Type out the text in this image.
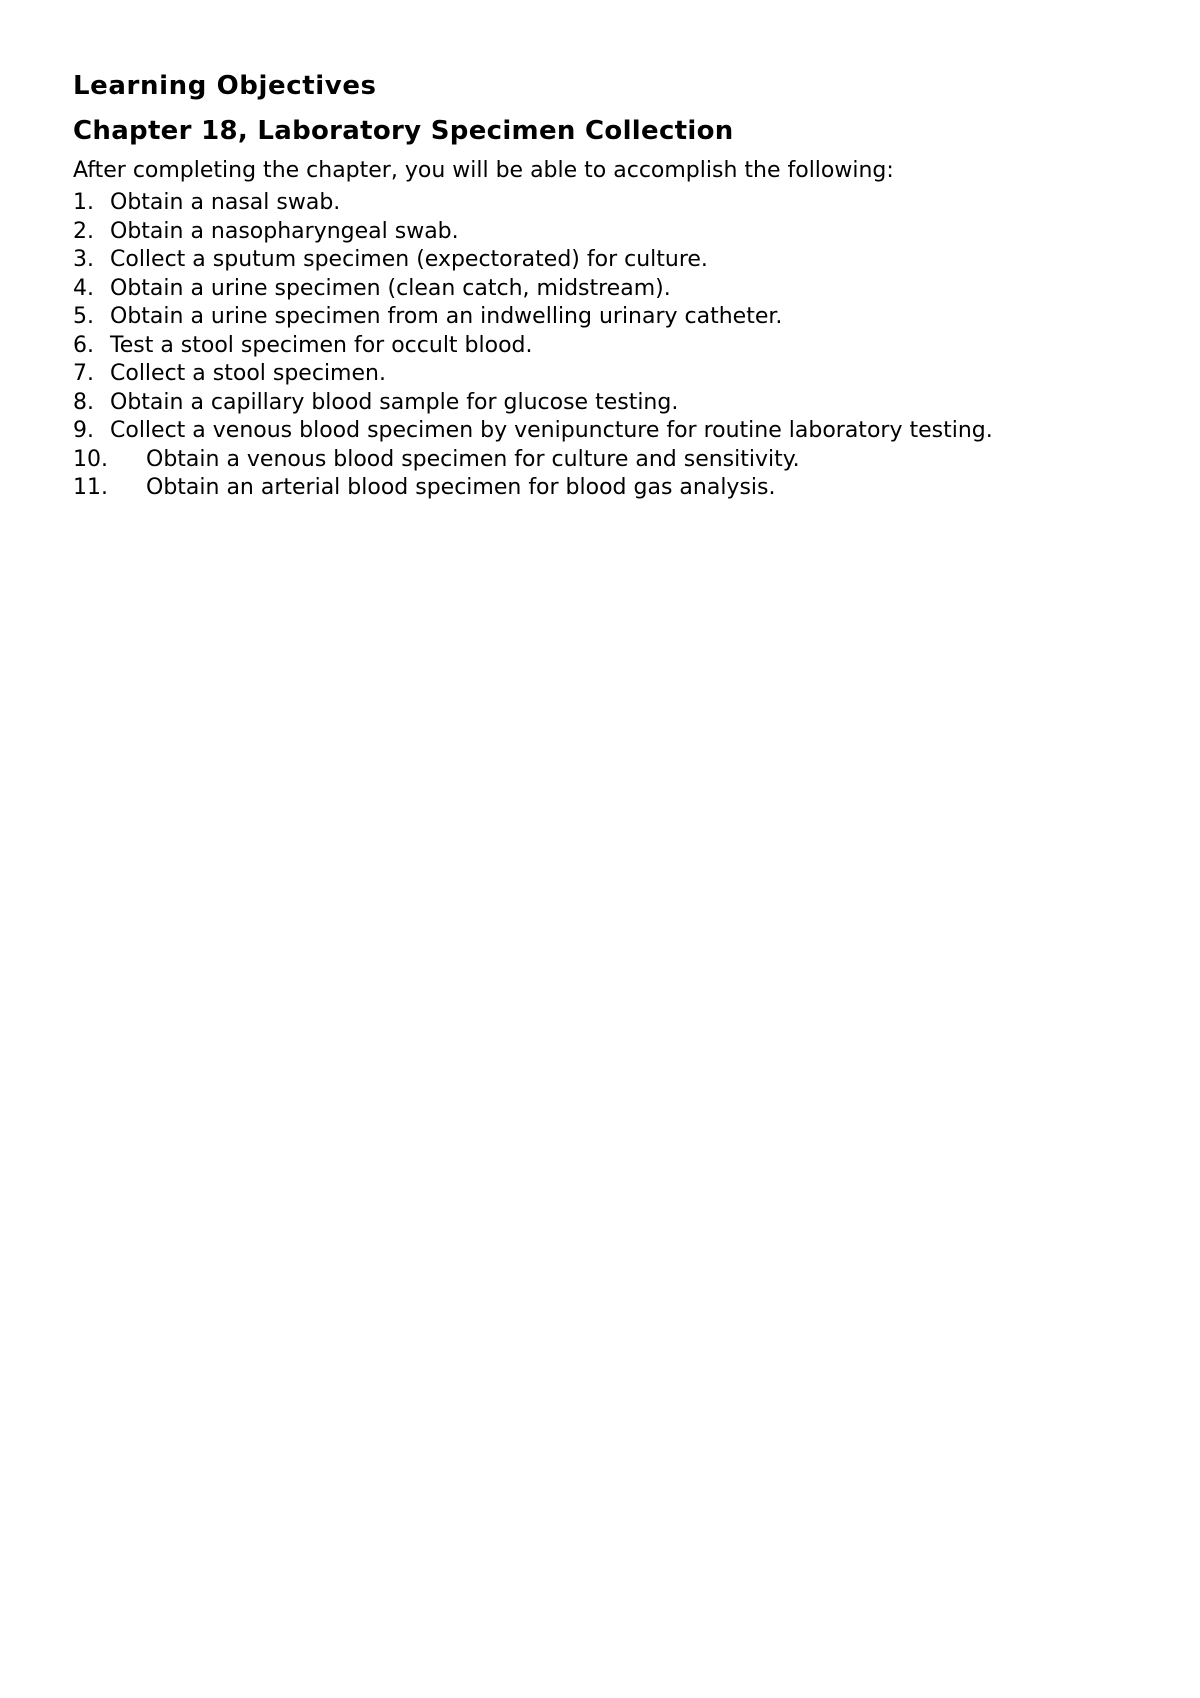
Learning Objectives
Chapter 18, Laboratory Specimen Collection

After completing the chapter, you will be able to accomplish the following:

1. Obtain a nasal swab.
2. Obtain a nasopharyngeal swab.
3. Collect a sputum specimen (expectorated) for culture.
4. Obtain a urine specimen (clean catch, midstream).
5. Obtain a urine specimen from an indwelling urinary catheter.
6. Test a stool specimen for occult blood.
7. Collect a stool specimen.
8. Obtain a capillary blood sample for glucose testing.
9. Collect a venous blood specimen by venipuncture for routine laboratory testing.
10.	Obtain a venous blood specimen for culture and sensitivity.
11.	Obtain an arterial blood specimen for blood gas analysis.
